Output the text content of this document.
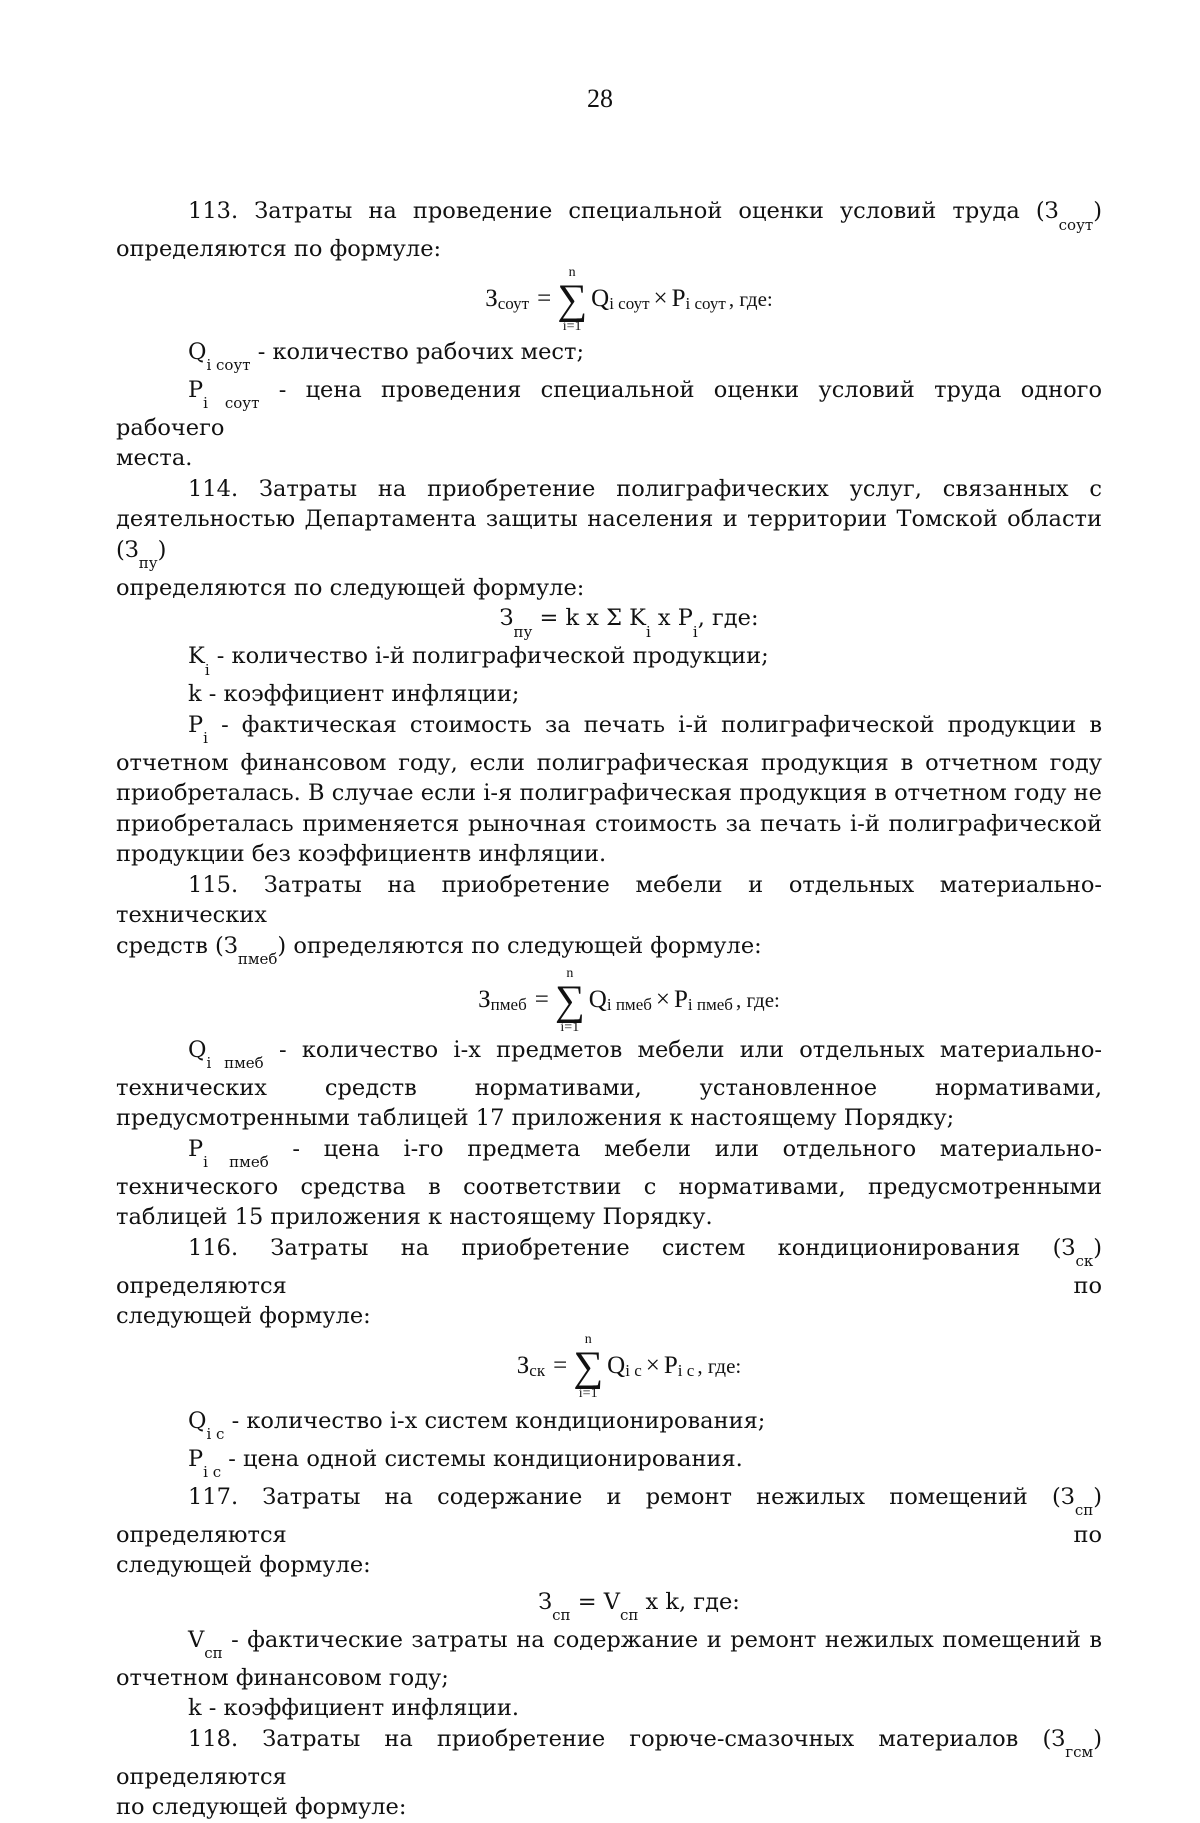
28

113. Затраты на проведение специальной оценки условий труда $(З_{соут})$

определяются по формуле:

З соут =
n
∑
i=1
Q i соут × P i соут , где:

$Q_{i соут}$ - количество рабочих мест;

$P_{i соут}$ - цена проведения специальной оценки условий труда одного рабочего

места.

114. Затраты на приобретение полиграфических услуг, связанных с

деятельностью Департамента защиты населения и территории Томской области $(З_{пу})$

определяются по следующей формуле:

$З_{пу} = k$ x Σ $K_i$ x $P_i$, где:

$K_i$ - количество i-й полиграфической продукции;

k - коэффициент инфляции;

$P_i$ - фактическая стоимость за печать i-й полиграфической продукции в отчетном финансовом году, если полиграфическая продукция в отчетном году приобреталась. В случае если i-я полиграфическая продукция в отчетном году не приобреталась применяется рыночная стоимость за печать i-й полиграфической продукции без коэффициентв инфляции.

115. Затраты на приобретение мебели и отдельных материально-технических

средств $(З_{пмеб})$ определяются по следующей формуле:

З пмеб =
n
∑
i=1
Q i пмеб × P i пмеб , где:

$Q_{i пмеб}$ - количество i-х предметов мебели или отдельных материально-технических средств нормативами, установленное нормативами, предусмотренными таблицей 17 приложения к настоящему Порядку;

$P_{i пмеб}$ - цена i-го предмета мебели или отдельного материально-технического средства в соответствии с нормативами, предусмотренными таблицей 15 приложения к настоящему Порядку.

116. Затраты на приобретение систем кондиционирования $(З_{ск})$ определяются по

следующей формуле:

З ск =
n
∑
i=1
Q i с × P i с , где:

$Q_{i с}$ - количество i-х систем кондиционирования;

$P_{i с}$ - цена одной системы кондиционирования.

117. Затраты на содержание и ремонт нежилых помещений $(З_{сп})$ определяются по

следующей формуле:

$З_{сп} = V_{сп}$ x k, где:

$V_{сп}$ - фактические затраты на содержание и ремонт нежилых помещений в отчетном финансовом году;

k - коэффициент инфляции.

118. Затраты на приобретение горюче-смазочных материалов $(З_{гсм})$ определяются

по следующей формуле:
